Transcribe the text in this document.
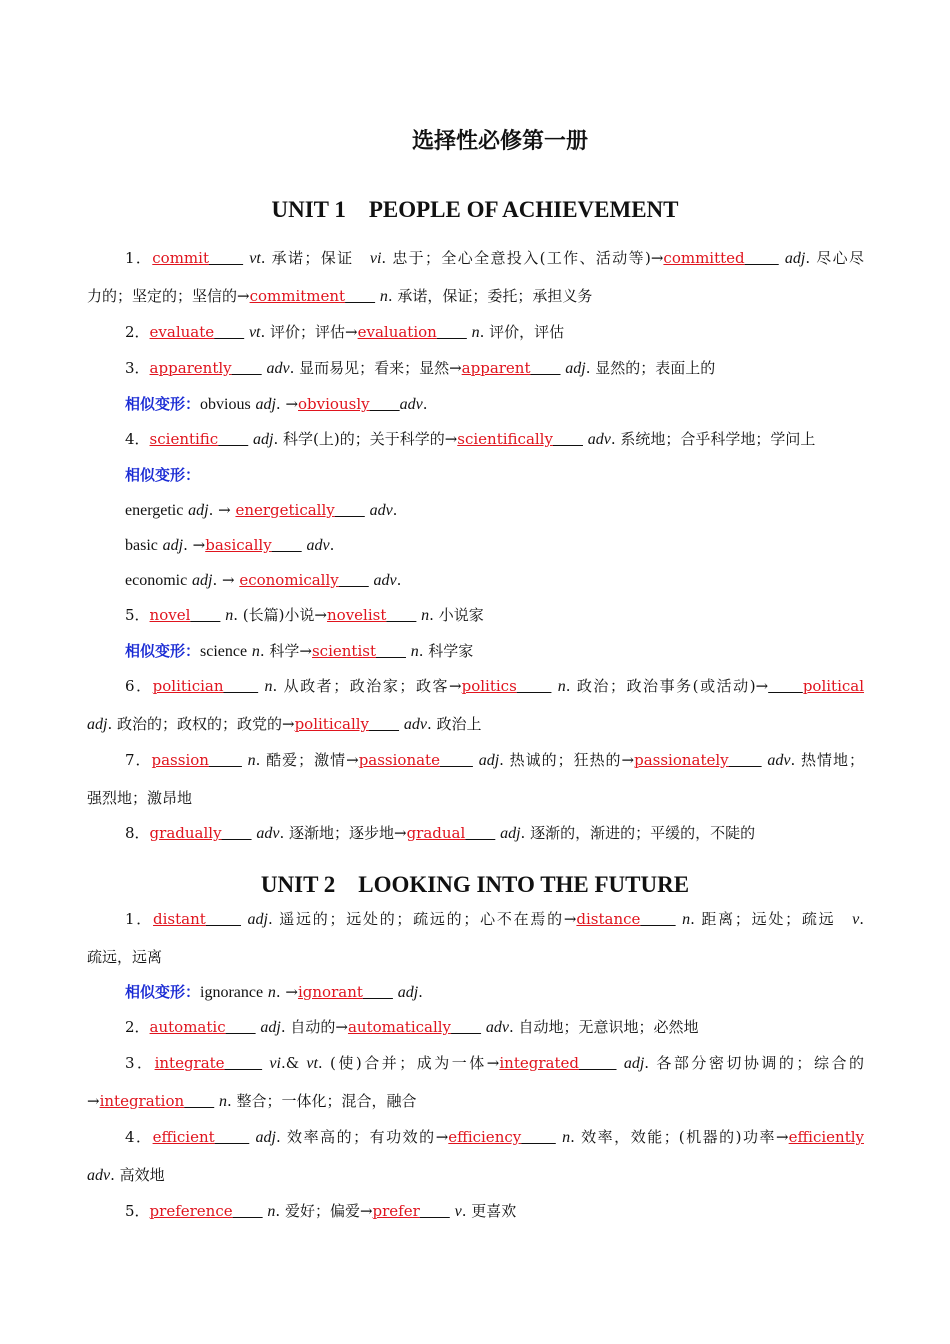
选择性必修第一册
UNIT 1　PEOPLE OF ACHIEVEMENT
1．commit　　	vt. 承诺；保证　vi. 忠于；全心全意投入(工作、活动等)→committed　　	adj. 尽心尽
力的；坚定的；坚信的→commitment　　 n. 承诺，保证；委托；承担义务
2．evaluate　　 vt. 评价；评估→evaluation　　 n. 评价，评估
3．apparently　　 adv. 显而易见；看来；显然→apparent　　 adj. 显然的；表面上的
相似变形：obvious adj. →obviously　　 adv.
4．scientific　　 adj. 科学(上)的；关于科学的→scientifically　　 adv. 系统地；合乎科学地；学问上
相似变形：
energetic adj. → energetically　　 adv.
basic adj. →basically　　 adv.
economic adj. → economically　　 adv.
5．novel　　 n. (长篇)小说→novelist　　 n. 小说家
相似变形：science n. 科学→scientist　　 n. 科学家
6．politician　　	n. 从政者；政治家；政客→politics　　	n. 政治；政治事务(或活动)→　　 political
adj. 政治的；政权的；政党的→politically　　 adv. 政治上
7．passion　　 n. 酷爱；激情→passionate　　 adj. 热诚的；狂热的→passionately　　 adv. 热情地；
强烈地；激昂地
8．gradually　　 adv. 逐渐地；逐步地→gradual　　 adj. 逐渐的，渐进的；平缓的，不陡的
UNIT 2　LOOKING INTO THE FUTURE
1．distant　　	adj. 遥远的；远处的；疏远的；心不在焉的→distance　　	n. 距离；远处；疏远　v.
疏远，远离
相似变形：ignorance n. →ignorant　　 adj.
2．automatic　　 adj. 自动的→automatically　　 adv. 自动地；无意识地；必然地
3．integrate　　	vi.& vt. (使)合并；成为一体→integrated　　	adj. 各部分密切协调的；综合的
→integration　　 n. 整合；一体化；混合，融合
4．efficient　　	adj. 效率高的；有功效的→efficiency　　	n. 效率，效能；(机器的)功率→efficiently
adv. 高效地
5．preference　　 n. 爱好；偏爱→prefer　　 v. 更喜欢
